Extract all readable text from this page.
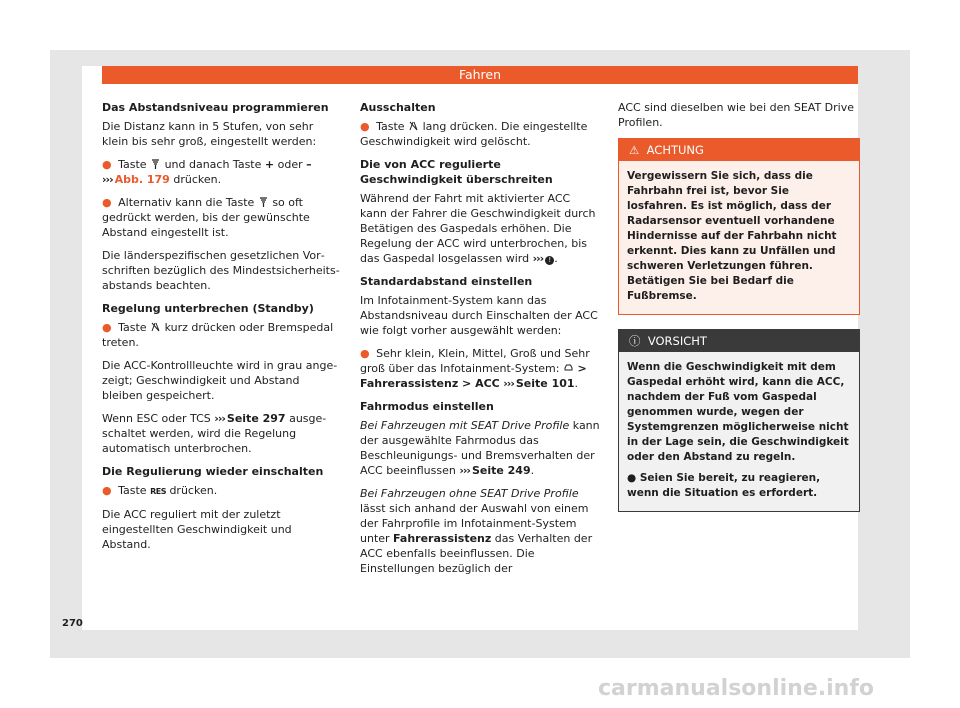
Fahren
Das Abstandsniveau programmieren

Die Distanz kann in 5 Stufen, von sehr klein bis sehr groß, eingestellt werden:

● Taste und danach Taste + oder – ››› Abb. 179 drücken.

● Alternativ kann die Taste so oft gedrückt werden, bis der gewünschte Abstand eingestellt ist.

Die länderspezifischen gesetzlichen Vorschriften bezüglich des Mindestsicherheitsabstands beachten.

Regelung unterbrechen (Standby)

● Taste kurz drücken oder Bremspedal treten.

Die ACC-Kontrollleuchte wird in grau angezeigt; Geschwindigkeit und Abstand bleiben gespeichert.

Wenn ESC oder TCS ››› Seite 297 ausgeschaltet werden, wird die Regelung automatisch unterbrochen.

Die Regulierung wieder einschalten

● Taste RES drücken.

Die ACC reguliert mit der zuletzt eingestellten Geschwindigkeit und Abstand.

Ausschalten

● Taste lang drücken. Die eingestellte Geschwindigkeit wird gelöscht.

Die von ACC regulierte Geschwindigkeit überschreiten

Während der Fahrt mit aktivierter ACC kann der Fahrer die Geschwindigkeit durch Betätigen des Gaspedals erhöhen. Die Regelung der ACC wird unterbrochen, bis das Gaspedal losgelassen wird ››› ! .

Standardabstand einstellen

Im Infotainment-System kann das Abstandsniveau durch Einschalten der ACC wie folgt vorher ausgewählt werden:

● Sehr klein, Klein, Mittel, Groß und Sehr groß über das Infotainment-System: > Fahrerassistenz > ACC ››› Seite 101.

Fahrmodus einstellen

Bei Fahrzeugen mit SEAT Drive Profile kann der ausgewählte Fahrmodus das Beschleunigungs- und Bremsverhalten der ACC beeinflussen ››› Seite 249.

Bei Fahrzeugen ohne SEAT Drive Profile lässt sich anhand der Auswahl von einem der Fahrprofile im Infotainment-System unter Fahrerassistenz das Verhalten der ACC ebenfalls beeinflussen. Die Einstellungen bezüglich der

ACC sind dieselben wie bei den SEAT Drive Profilen.

⚠ ACHTUNG

Vergewissern Sie sich, dass die Fahrbahn frei ist, bevor Sie losfahren. Es ist möglich, dass der Radarsensor eventuell vorhandene Hindernisse auf der Fahrbahn nicht erkennt. Dies kann zu Unfällen und schweren Verletzungen führen. Betätigen Sie bei Bedarf die Fußbremse.

ⓘ VORSICHT

Wenn die Geschwindigkeit mit dem Gaspedal erhöht wird, kann die ACC, nachdem der Fuß vom Gaspedal genommen wurde, wegen der Systemgrenzen möglicherweise nicht in der Lage sein, die Geschwindigkeit oder den Abstand zu regeln.

● Seien Sie bereit, zu reagieren, wenn die Situation es erfordert.

270
carmanualsonline.info
